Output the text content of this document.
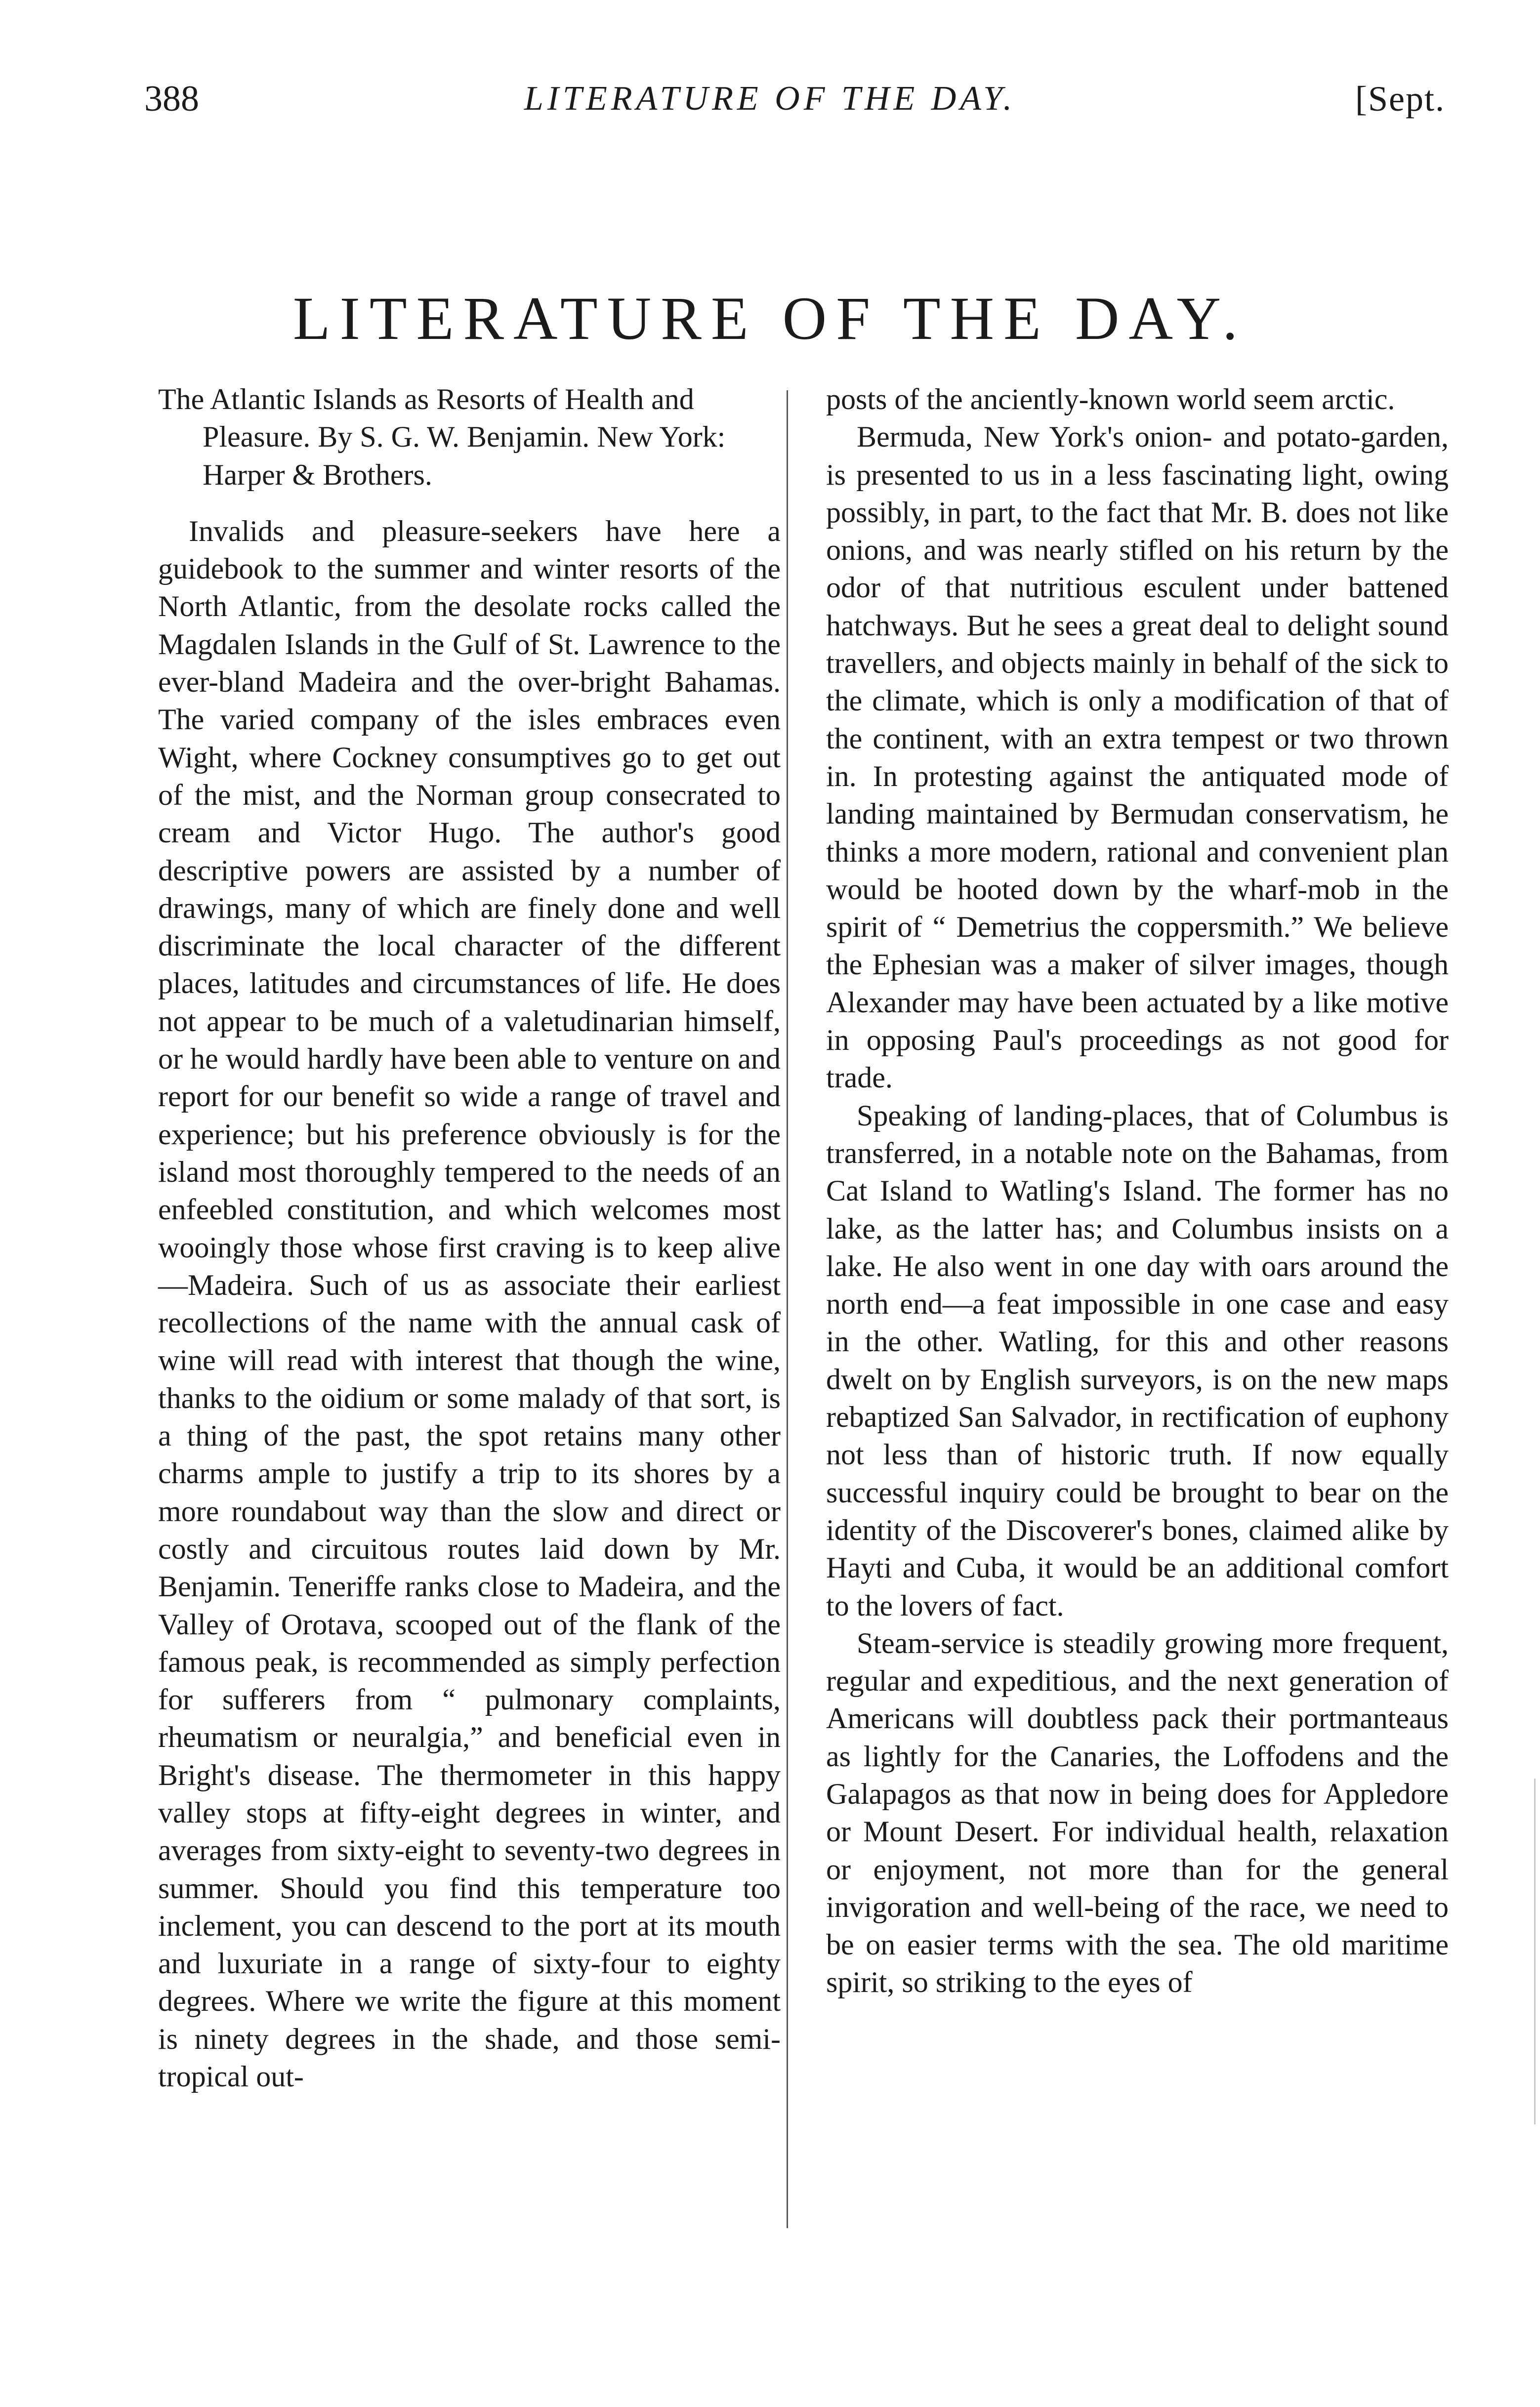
388	LITERATURE OF THE DAY.	[Sept.
LITERATURE OF THE DAY.

The Atlantic Islands as Resorts of Health and Pleasure. By S. G. W. Benjamin. New York: Harper & Brothers.

Invalids and pleasure-seekers have here a guidebook to the summer and winter resorts of the North Atlantic, from the desolate rocks called the Magdalen Islands in the Gulf of St. Lawrence to the ever-bland Madeira and the over-bright Bahamas. The varied company of the isles embraces even Wight, where Cockney consumptives go to get out of the mist, and the Norman group consecrated to cream and Victor Hugo. The author's good descriptive powers are assisted by a number of drawings, many of which are finely done and well discriminate the local character of the different places, latitudes and circumstances of life. He does not appear to be much of a valetudinarian himself, or he would hardly have been able to venture on and report for our benefit so wide a range of travel and experience; but his preference obviously is for the island most thoroughly tempered to the needs of an enfeebled constitution, and which welcomes most wooingly those whose first craving is to keep alive—Madeira. Such of us as associate their earliest recollections of the name with the annual cask of wine will read with interest that though the wine, thanks to the oidium or some malady of that sort, is a thing of the past, the spot retains many other charms ample to justify a trip to its shores by a more roundabout way than the slow and direct or costly and circuitous routes laid down by Mr. Benjamin. Teneriffe ranks close to Madeira, and the Valley of Orotava, scooped out of the flank of the famous peak, is recommended as simply perfection for sufferers from “ pulmonary complaints, rheumatism or neuralgia,” and beneficial even in Bright's disease. The thermometer in this happy valley stops at fifty-eight degrees in winter, and averages from sixty-eight to seventy-two degrees in summer. Should you find this temperature too inclement, you can descend to the port at its mouth and luxuriate in a range of sixty-four to eighty degrees. Where we write the figure at this moment is ninety degrees in the shade, and those semi-tropical out-

posts of the anciently-known world seem arctic.

Bermuda, New York's onion- and potato-garden, is presented to us in a less fascinating light, owing possibly, in part, to the fact that Mr. B. does not like onions, and was nearly stifled on his return by the odor of that nutritious esculent under battened hatchways. But he sees a great deal to delight sound travellers, and objects mainly in behalf of the sick to the climate, which is only a modification of that of the continent, with an extra tempest or two thrown in. In protesting against the antiquated mode of landing maintained by Bermudan conservatism, he thinks a more modern, rational and convenient plan would be hooted down by the wharf-mob in the spirit of “ Demetrius the coppersmith.” We believe the Ephesian was a maker of silver images, though Alexander may have been actuated by a like motive in opposing Paul's proceedings as not good for trade.

Speaking of landing-places, that of Columbus is transferred, in a notable note on the Bahamas, from Cat Island to Watling's Island. The former has no lake, as the latter has; and Columbus insists on a lake. He also went in one day with oars around the north end—a feat impossible in one case and easy in the other. Watling, for this and other reasons dwelt on by English surveyors, is on the new maps rebaptized San Salvador, in rectification of euphony not less than of historic truth. If now equally successful inquiry could be brought to bear on the identity of the Discoverer's bones, claimed alike by Hayti and Cuba, it would be an additional comfort to the lovers of fact.

Steam-service is steadily growing more frequent, regular and expeditious, and the next generation of Americans will doubtless pack their portmanteaus as lightly for the Canaries, the Loffodens and the Galapagos as that now in being does for Appledore or Mount Desert. For individual health, relaxation or enjoyment, not more than for the general invigoration and well-being of the race, we need to be on easier terms with the sea. The old maritime spirit, so striking to the eyes of
